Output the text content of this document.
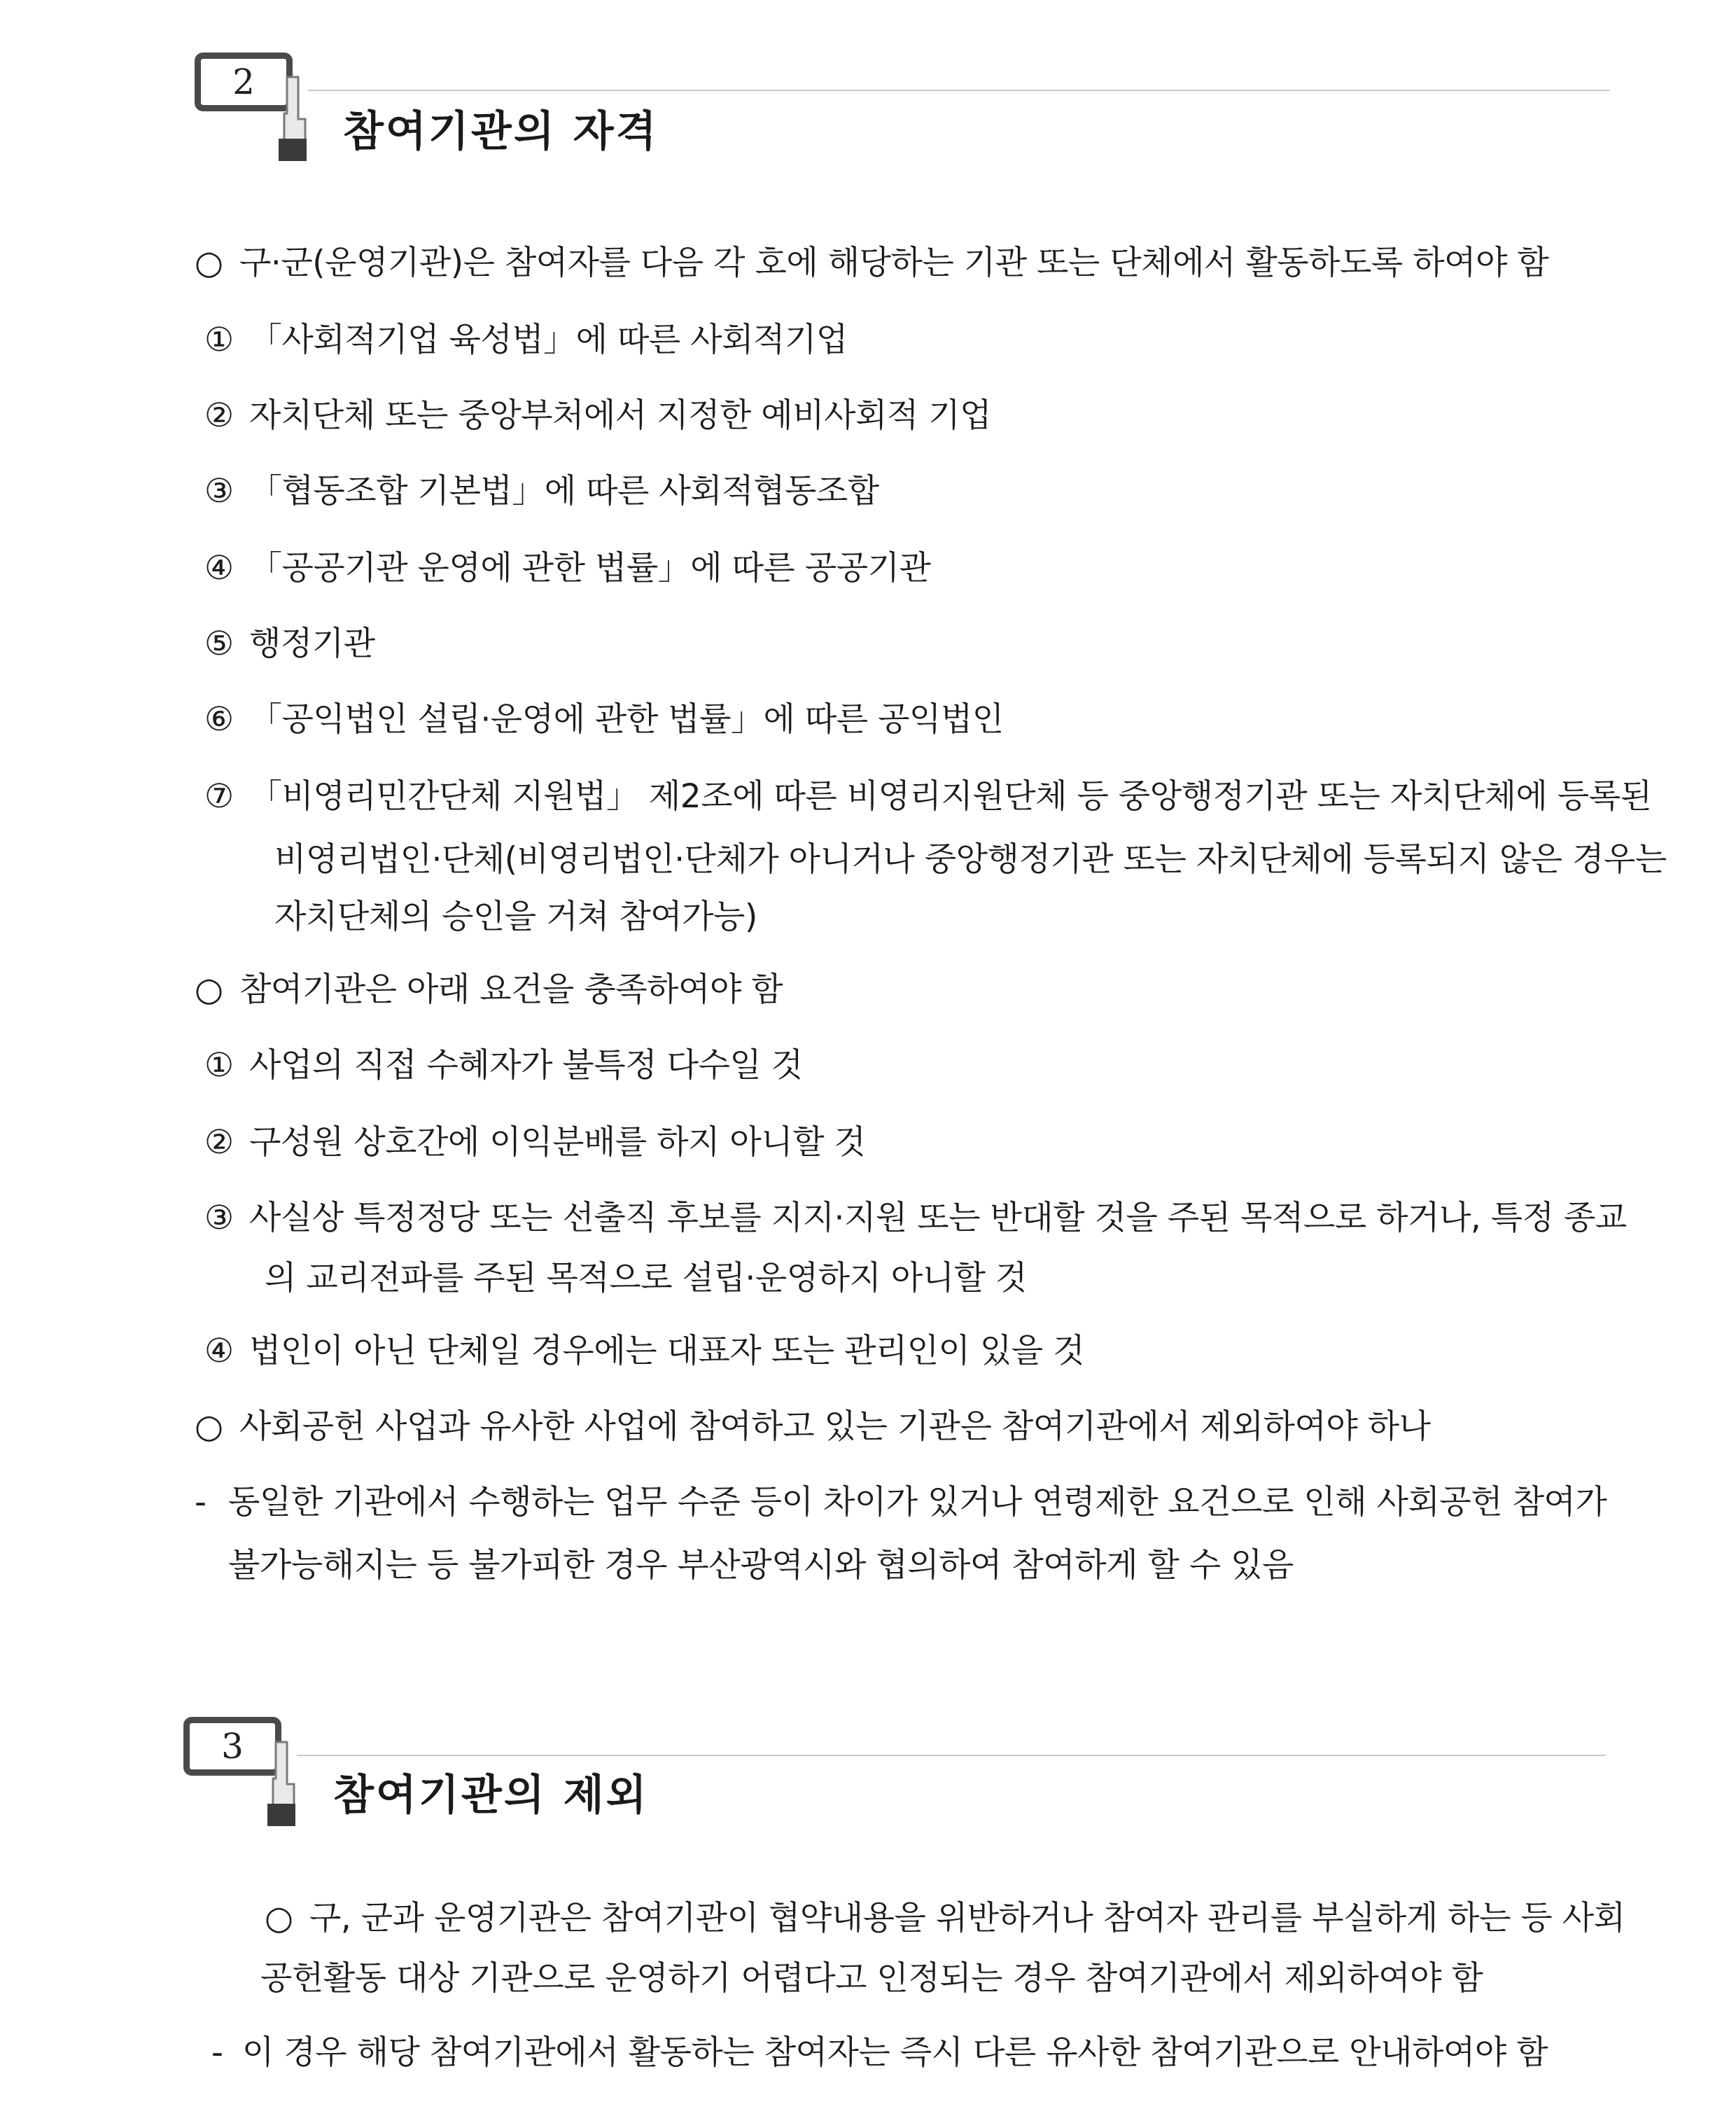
2
참여기관의 자격
○ 구·군(운영기관)은 참여자를 다음 각 호에 해당하는 기관 또는 단체에서 활동하도록 하여야 함
① 「사회적기업 육성법」에 따른 사회적기업
② 자치단체 또는 중앙부처에서 지정한 예비사회적 기업
③ 「협동조합 기본법」에 따른 사회적협동조합
④ 「공공기관 운영에 관한 법률」에 따른 공공기관
⑤ 행정기관
⑥ 「공익법인 설립·운영에 관한 법률」에 따른 공익법인
⑦ 「비영리민간단체 지원법」 제2조에 따른 비영리지원단체 등 중앙행정기관 또는 자치단체에 등록된
비영리법인·단체(비영리법인·단체가 아니거나 중앙행정기관 또는 자치단체에 등록되지 않은 경우는
자치단체의 승인을 거쳐 참여가능)
○ 참여기관은 아래 요건을 충족하여야 함
① 사업의 직접 수혜자가 불특정 다수일 것
② 구성원 상호간에 이익분배를 하지 아니할 것
③ 사실상 특정정당 또는 선출직 후보를 지지·지원 또는 반대할 것을 주된 목적으로 하거나, 특정 종교
의 교리전파를 주된 목적으로 설립·운영하지 아니할 것
④ 법인이 아닌 단체일 경우에는 대표자 또는 관리인이 있을 것
○ 사회공헌 사업과 유사한 사업에 참여하고 있는 기관은 참여기관에서 제외하여야 하나
- 동일한 기관에서 수행하는 업무 수준 등이 차이가 있거나 연령제한 요건으로 인해 사회공헌 참여가
불가능해지는 등 불가피한 경우 부산광역시와 협의하여 참여하게 할 수 있음
3
참여기관의 제외
○ 구, 군과 운영기관은 참여기관이 협약내용을 위반하거나 참여자 관리를 부실하게 하는 등 사회
공헌활동 대상 기관으로 운영하기 어렵다고 인정되는 경우 참여기관에서 제외하여야 함
- 이 경우 해당 참여기관에서 활동하는 참여자는 즉시 다른 유사한 참여기관으로 안내하여야 함
